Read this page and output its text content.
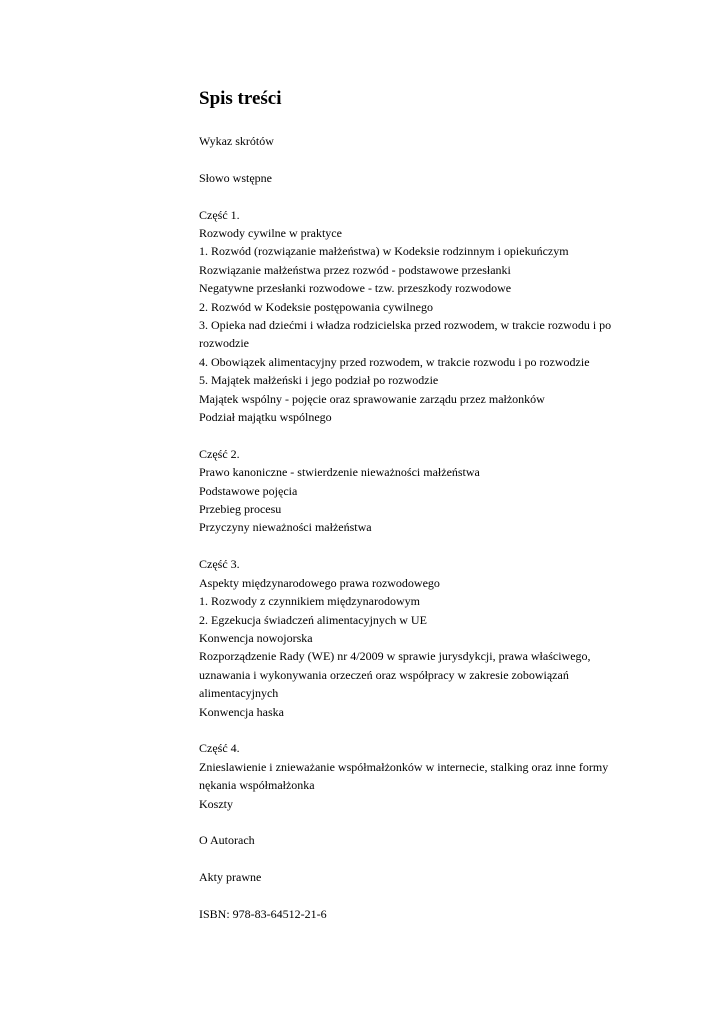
Spis treści

Wykaz skrótów

Słowo wstępne

Część 1.

Rozwody cywilne w praktyce

1. Rozwód (rozwiązanie małżeństwa) w Kodeksie rodzinnym i opiekuńczym

Rozwiązanie małżeństwa przez rozwód - podstawowe przesłanki

Negatywne przesłanki rozwodowe - tzw. przeszkody rozwodowe

2. Rozwód w Kodeksie postępowania cywilnego

3. Opieka nad dziećmi i władza rodzicielska przed rozwodem, w trakcie rozwodu i po

rozwodzie

4. Obowiązek alimentacyjny przed rozwodem, w trakcie rozwodu i po rozwodzie

5. Majątek małżeński i jego podział po rozwodzie

Majątek wspólny - pojęcie oraz sprawowanie zarządu przez małżonków

Podział majątku wspólnego

Część 2.

Prawo kanoniczne - stwierdzenie nieważności małżeństwa

Podstawowe pojęcia

Przebieg procesu

Przyczyny nieważności małżeństwa

Część 3.

Aspekty międzynarodowego prawa rozwodowego

1. Rozwody z czynnikiem międzynarodowym

2. Egzekucja świadczeń alimentacyjnych w UE

Konwencja nowojorska

Rozporządzenie Rady (WE) nr 4/2009 w sprawie jurysdykcji, prawa właściwego,

uznawania i wykonywania orzeczeń oraz współpracy w zakresie zobowiązań

alimentacyjnych

Konwencja haska

Część 4.

Znieslawienie i znieważanie współmałżonków w internecie, stalking oraz inne formy

nękania współmałżonka

Koszty

O Autorach

Akty prawne

ISBN: 978-83-64512-21-6
